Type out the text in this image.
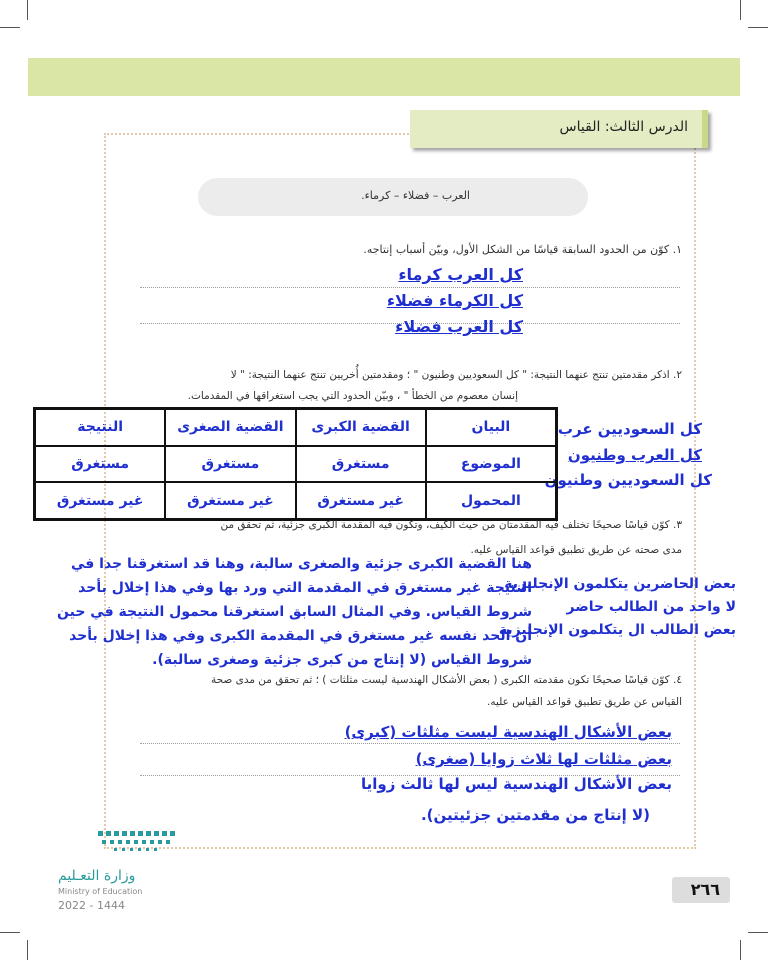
الدرس الثالث: القياس
العرب – فضلاء – كرماء.
١. كوّن من الحدود السابقة قياسًا من الشكل الأول، وبيّن أسباب إنتاجه.
كل العرب كرماء
كل الكرماء فضلاء
كل العرب فضلاء
٢. اذكر مقدمتين تنتج عنهما النتيجة: " كل السعوديين وطنيون " ؛ ومقدمتين أُخريين تنتج عنهما النتيجة: " لا
إنسان معصوم من الخطأ " ، وبيّن الحدود التي يجب استغراقها في المقدمات.
كل السعوديين عرب
كل العرب وطنيون
كل السعوديين وطنيون
البيان
القضية الكبرى
القضية الصغرى
النتيجة
الموضوع
مستغرق
مستغرق
مستغرق
المحمول
غير مستغرق
غير مستغرق
غير مستغرق
٣. كوّن قياسًا صحيحًا تختلف فيه المقدمتان من حيث الكيف، وتكون فيه المقدمة الكبرى جزئية، ثم تحقق من
مدى صحته عن طريق تطبيق قواعد القياس عليه.
بعض الحاضرين يتكلمون الإنجليزية
لا واحد من الطالب حاضر
بعض الطالب ال يتكلمون الإنجليزية
هنا القضية الكبرى جزئية والصغرى سالبة، وهنا قد استغرقنا جدا في
النتيجة غير مستغرق في المقدمة التي ورد بها وفي هذا إخلال بأحد
شروط القياس. وفي المثال السابق استغرقنا محمول النتيجة في حين
أن الحد نفسه غير مستغرق في المقدمة الكبرى وفي هذا إخلال بأحد
شروط القياس (لا إنتاج من كبرى جزئية وصغرى سالبة).
٤. كوّن قياسًا صحيحًا تكون مقدمته الكبرى ( بعض الأشكال الهندسية ليست مثلثات ) ؛ ثم تحقق من مدى صحة
القياس عن طريق تطبيق قواعد القياس عليه.
بعض الأشكال الهندسية ليست مثلثات (كبرى)
بعض مثلثات لها ثلاث زوايا (صغرى)
بعض الأشكال الهندسية ليس لها ثالث زوايا
(لا إنتاج من مقدمتين جزئيتين).
وزارة التعـليم
Ministry of Education
2022 - 1444
٢٦٦
